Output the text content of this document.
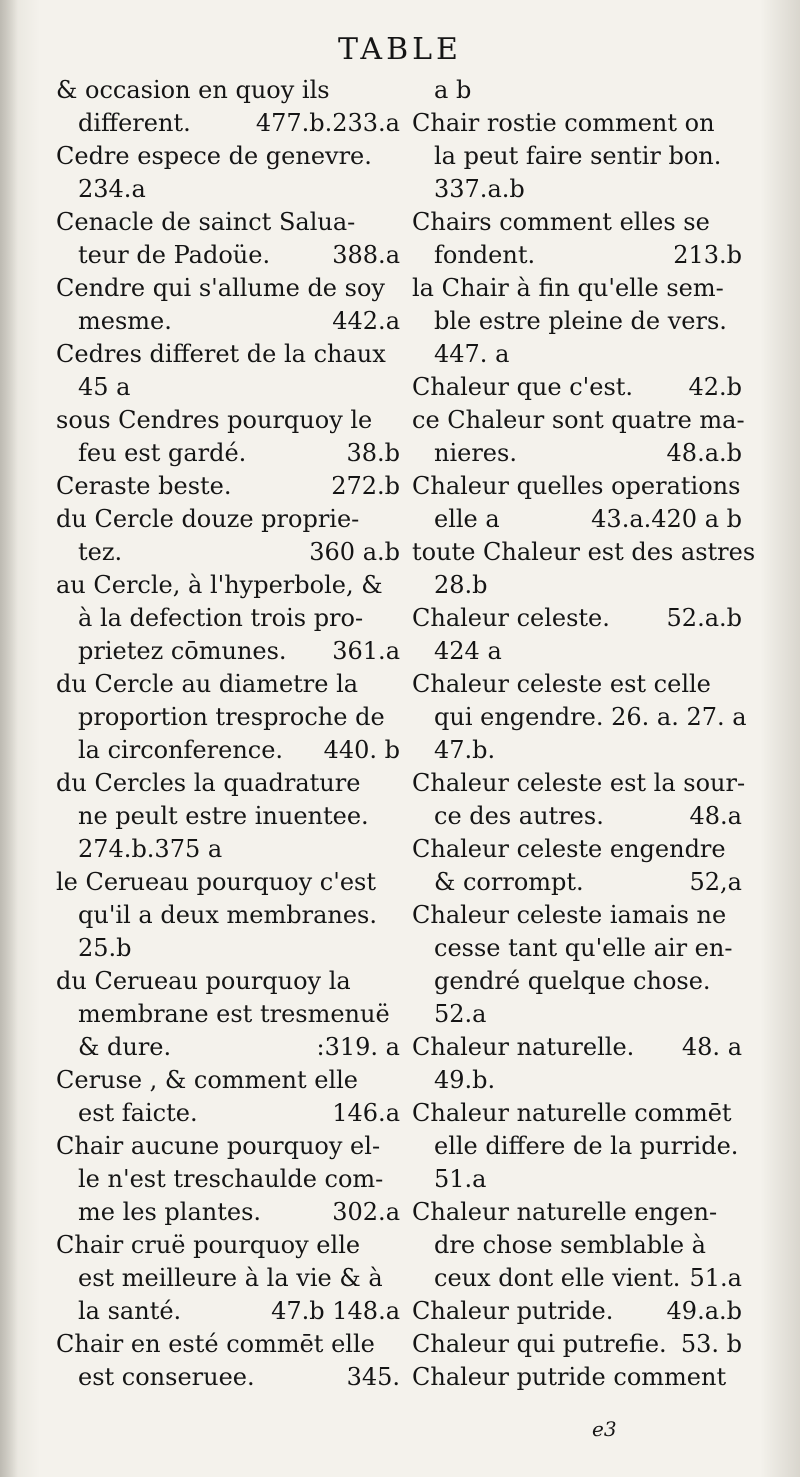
TABLE
& occasion en quoy ils
different.	477.b.233.a
Cedre espece de genevre.
234.a
Cenacle de sainct Salua-
teur de Padoüe.	388.a
Cendre qui s'allume de soy
mesme.	442.a
Cedres differet de la chaux
45 a
sous Cendres pourquoy le
feu est gardé.	38.b
Ceraste beste.	272.b
du Cercle douze proprie-
tez.	360 a.b
au Cercle, à l'hyperbole, &
à la defection trois pro-
prietez cōmunes. 361.a
du Cercle au diametre la
proportion tresproche de
la circonference. 440. b
du Cercles la quadrature
ne peult estre inuentee.
274.b.375 a
le Cerueau pourquoy c'est
qu'il a deux membranes.
25.b
du Cerueau pourquoy la
membrane est tresmenuë
& dure.	:319. a
Ceruse , & comment elle
est faicte.	146.a
Chair aucune pourquoy el-
le n'est treschaulde com-
me les plantes.	302.a
Chair cruë pourquoy elle
est meilleure à la vie & à
la santé.	47.b 148.a
Chair en esté commēt elle
est conseruee.	345.
a b
Chair rostie comment on
la peut faire sentir bon.
337.a.b
Chairs comment elles se
fondent.	213.b
la Chair à fin qu'elle sem-
ble estre pleine de vers.
447. a
Chaleur que c'est. 42.b
ce Chaleur sont quatre ma-
nieres.	48.a.b
Chaleur quelles operations
elle a	43.a.420 a b
toute Chaleur est des astres
28.b
Chaleur celeste. 52.a.b
424 a
Chaleur celeste est celle
qui engendre. 26. a. 27. a
47.b.
Chaleur celeste est la sour-
ce des autres.	48.a
Chaleur celeste engendre
& corrompt.	52,a
Chaleur celeste iamais ne
cesse tant qu'elle air en-
gendré quelque chose.
52.a
Chaleur naturelle. 48. a
49.b.
Chaleur naturelle commēt
elle differe de la purride.
51.a
Chaleur naturelle engen-
dre chose semblable à
ceux dont elle vient. 51.a
Chaleur putride. 49.a.b
Chaleur qui putrefie. 53. b
Chaleur putride comment
e3
